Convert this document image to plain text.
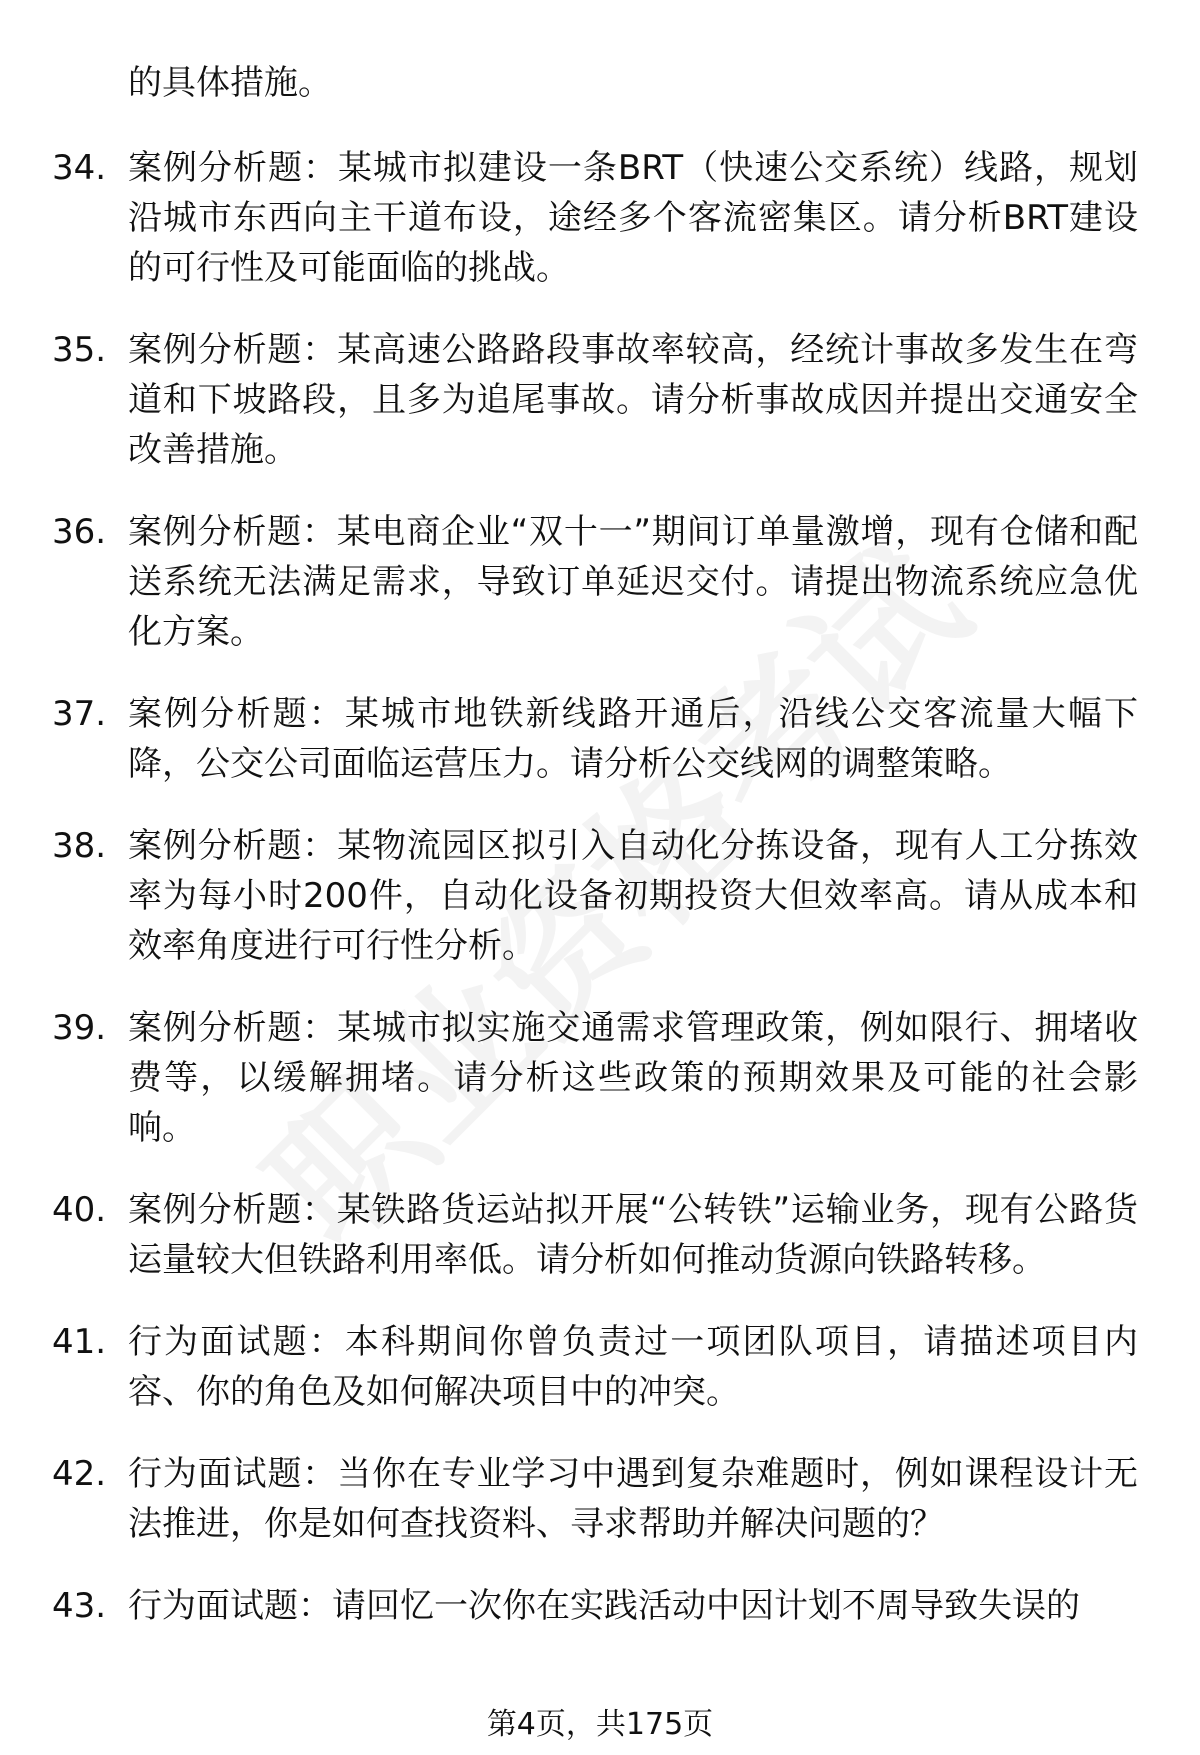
的具体措施。
34. 案例分析题：某城市拟建设一条BRT（快速公交系统）线路，规划沿城市东西向主干道布设，途经多个客流密集区。请分析BRT建设的可行性及可能面临的挑战。
35. 案例分析题：某高速公路路段事故率较高，经统计事故多发生在弯道和下坡路段，且多为追尾事故。请分析事故成因并提出交通安全改善措施。
36. 案例分析题：某电商企业“双十一”期间订单量激增，现有仓储和配送系统无法满足需求，导致订单延迟交付。请提出物流系统应急优化方案。
37. 案例分析题：某城市地铁新线路开通后，沿线公交客流量大幅下降，公交公司面临运营压力。请分析公交线网的调整策略。
38. 案例分析题：某物流园区拟引入自动化分拣设备，现有人工分拣效率为每小时200件，自动化设备初期投资大但效率高。请从成本和效率角度进行可行性分析。
39. 案例分析题：某城市拟实施交通需求管理政策，例如限行、拥堵收费等，以缓解拥堵。请分析这些政策的预期效果及可能的社会影响。
40. 案例分析题：某铁路货运站拟开展“公转铁”运输业务，现有公路货运量较大但铁路利用率低。请分析如何推动货源向铁路转移。
41. 行为面试题：本科期间你曾负责过一项团队项目，请描述项目内容、你的角色及如何解决项目中的冲突。
42. 行为面试题：当你在专业学习中遇到复杂难题时，例如课程设计无法推进，你是如何查找资料、寻求帮助并解决问题的？
43. 行为面试题：请回忆一次你在实践活动中因计划不周导致失误的
第4页，共175页
